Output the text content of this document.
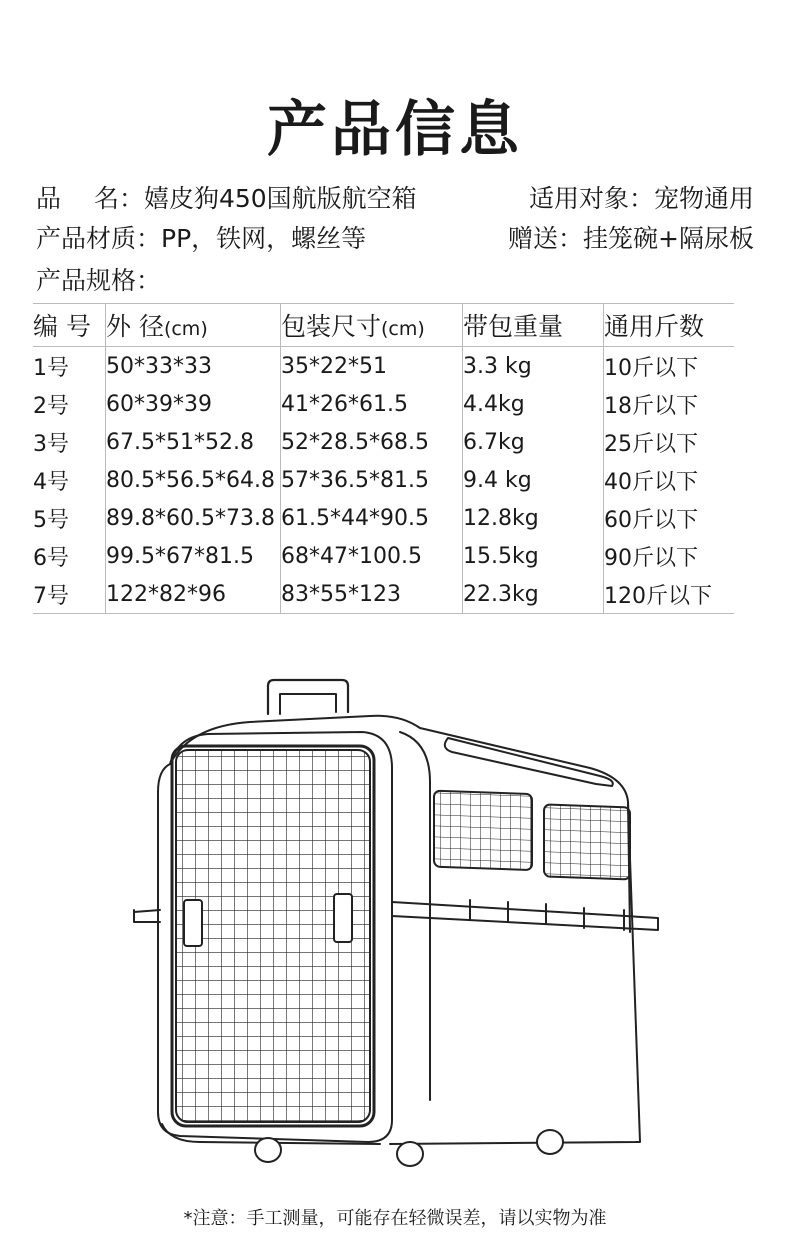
产品信息
品　 名：嬉皮狗450国航版航空箱	适用对象：宠物通用
产品材质：PP，铁网，螺丝等	赠送：挂笼碗+隔尿板
产品规格：
编 号	外 径(cm)	包装尺寸(cm)	带包重量	通用斤数
1号	50*33*33	35*22*51	3.3 kg	10斤以下
2号	60*39*39	41*26*61.5	4.4kg	18斤以下
3号	67.5*51*52.8	52*28.5*68.5	6.7kg	25斤以下
4号	80.5*56.5*64.8	57*36.5*81.5	9.4 kg	40斤以下
5号	89.8*60.5*73.8	61.5*44*90.5	12.8kg	60斤以下
6号	99.5*67*81.5	68*47*100.5	15.5kg	90斤以下
7号	122*82*96	83*55*123	22.3kg	120斤以下
*注意：手工测量，可能存在轻微误差，请以实物为准
